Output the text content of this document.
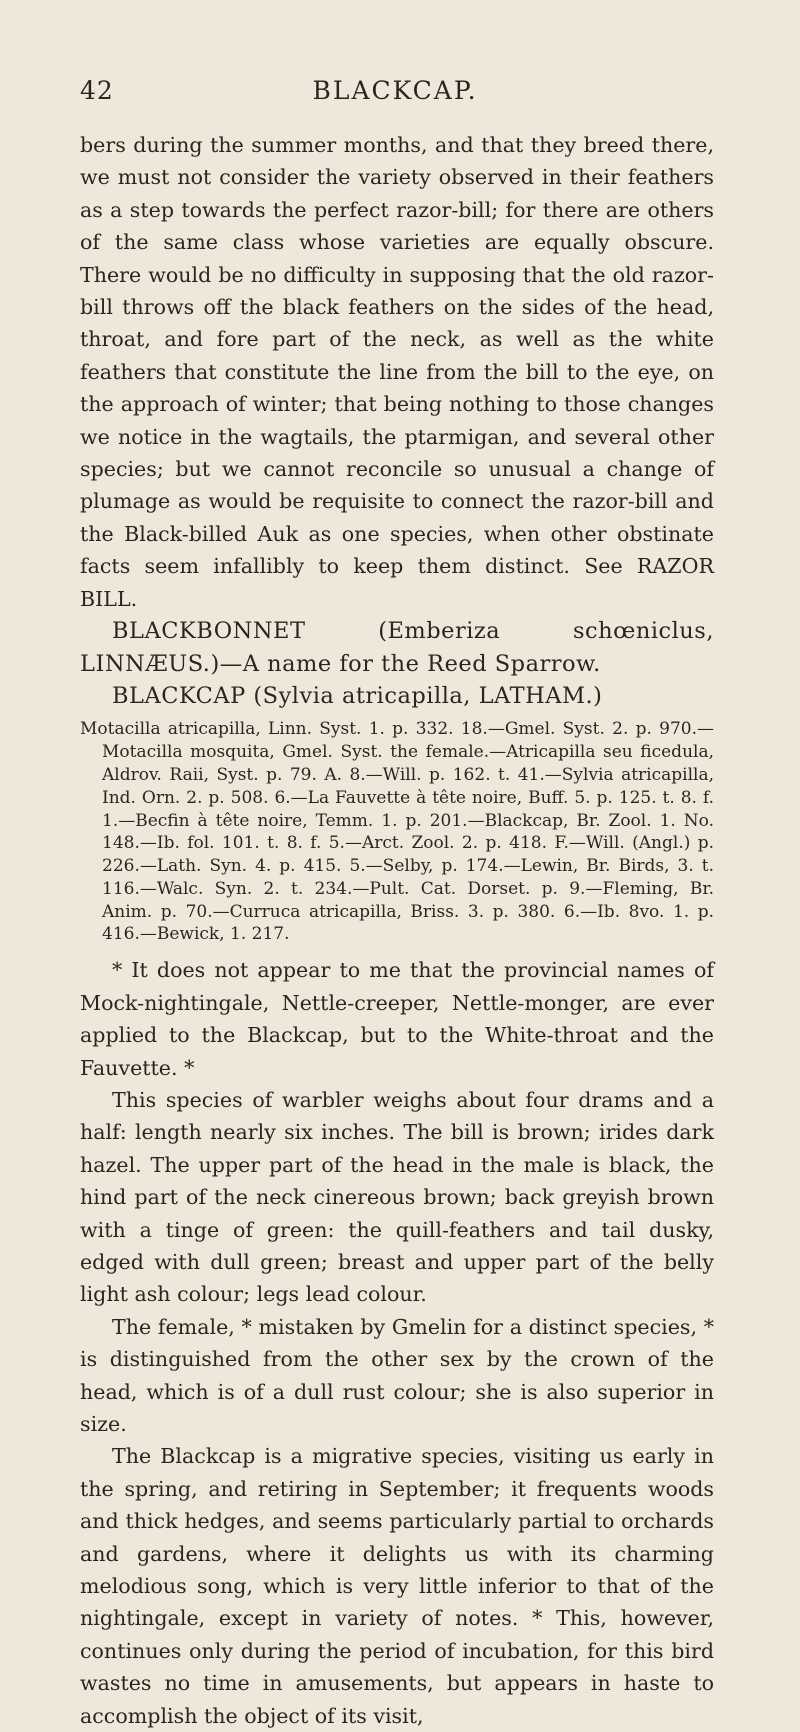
42	BLACKCAP.

bers during the summer months, and that they breed there, we must not consider the variety observed in their feathers as a step towards the perfect razor-bill; for there are others of the same class whose varieties are equally obscure. There would be no difficulty in supposing that the old razor-bill throws off the black feathers on the sides of the head, throat, and fore part of the neck, as well as the white feathers that constitute the line from the bill to the eye, on the approach of winter; that being nothing to those changes we notice in the wagtails, the ptarmigan, and several other species; but we cannot reconcile so unusual a change of plumage as would be requisite to connect the razor-bill and the Black-billed Auk as one species, when other obstinate facts seem infallibly to keep them distinct. See RAZOR BILL.

BLACKBONNET (Emberiza schœniclus, LINNÆUS.)—A name for the Reed Sparrow.

BLACKCAP (Sylvia atricapilla, LATHAM.)

Motacilla atricapilla, Linn. Syst. 1. p. 332. 18.—Gmel. Syst. 2. p. 970.—Motacilla mosquita, Gmel. Syst. the female.—Atricapilla seu ficedula, Aldrov. Raii, Syst. p. 79. A. 8.—Will. p. 162. t. 41.—Sylvia atricapilla, Ind. Orn. 2. p. 508. 6.—La Fauvette à tête noire, Buff. 5. p. 125. t. 8. f. 1.—Becfin à tête noire, Temm. 1. p. 201.—Blackcap, Br. Zool. 1. No. 148.—Ib. fol. 101. t. 8. f. 5.—Arct. Zool. 2. p. 418. F.—Will. (Angl.) p. 226.—Lath. Syn. 4. p. 415. 5.—Selby, p. 174.—Lewin, Br. Birds, 3. t. 116.—Walc. Syn. 2. t. 234.—Pult. Cat. Dorset. p. 9.—Fleming, Br. Anim. p. 70.—Curruca atricapilla, Briss. 3. p. 380. 6.—Ib. 8vo. 1. p. 416.—Bewick, 1. 217.

* It does not appear to me that the provincial names of Mock-nightingale, Nettle-creeper, Nettle-monger, are ever applied to the Blackcap, but to the White-throat and the Fauvette. *

This species of warbler weighs about four drams and a half: length nearly six inches. The bill is brown; irides dark hazel. The upper part of the head in the male is black, the hind part of the neck cinereous brown; back greyish brown with a tinge of green: the quill-feathers and tail dusky, edged with dull green; breast and upper part of the belly light ash colour; legs lead colour.

The female, * mistaken by Gmelin for a distinct species, * is distinguished from the other sex by the crown of the head, which is of a dull rust colour; she is also superior in size.

The Blackcap is a migrative species, visiting us early in the spring, and retiring in September; it frequents woods and thick hedges, and seems particularly partial to orchards and gardens, where it delights us with its charming melodious song, which is very little inferior to that of the nightingale, except in variety of notes. * This, however, continues only during the period of incubation, for this bird wastes no time in amusements, but appears in haste to accomplish the object of its visit,
